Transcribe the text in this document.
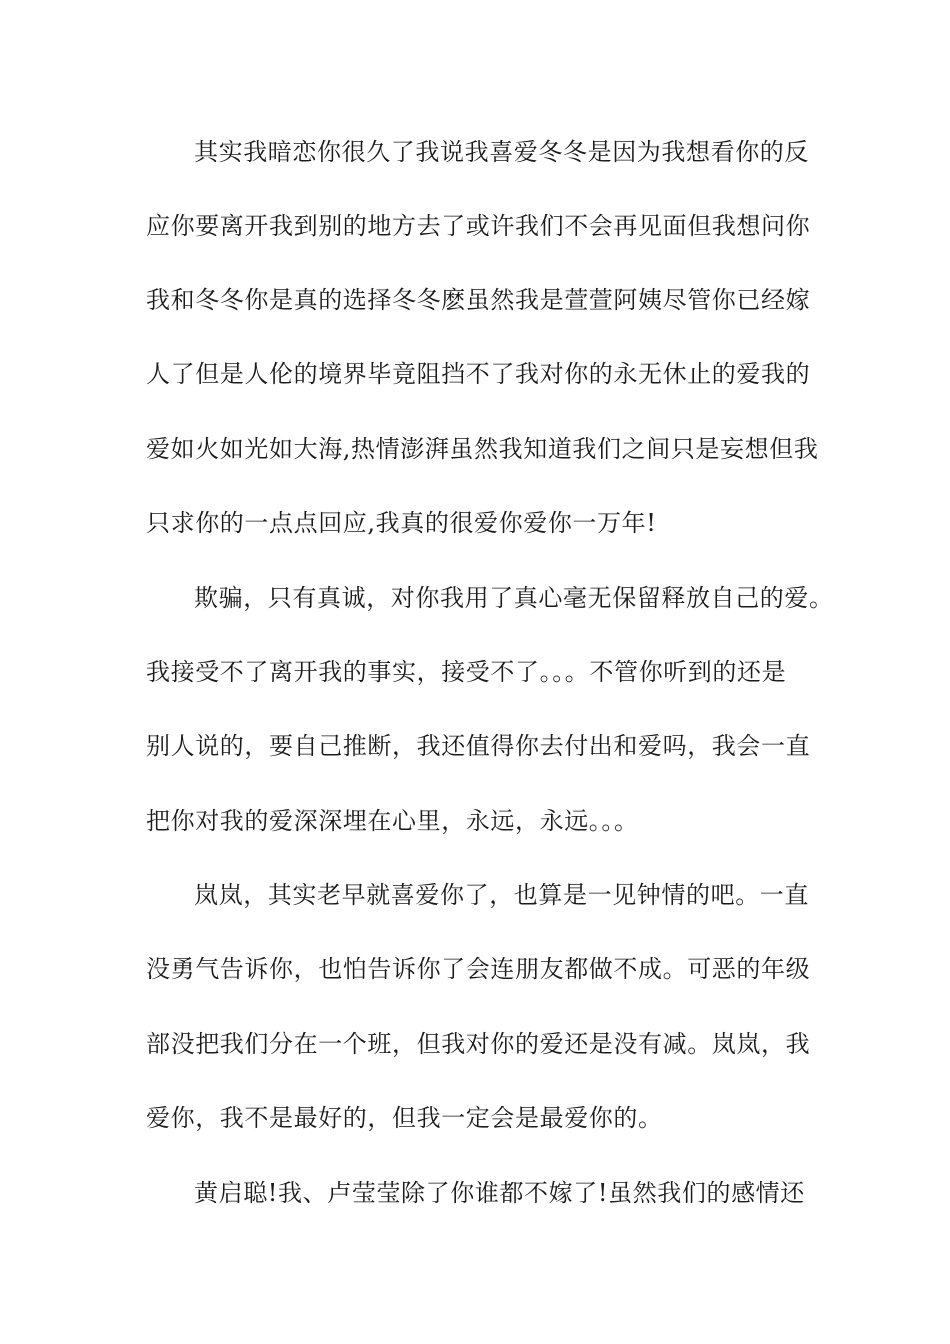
其实我暗恋你很久了我说我喜爱冬冬是因为我想看你的反
应你要离开我到别的地方去了或许我们不会再见面但我想问你
我和冬冬你是真的选择冬冬麽虽然我是萱萱阿姨尽管你已经嫁
人了但是人伦的境界毕竟阻挡不了我对你的永无休止的爱我的
爱如火如光如大海,热情澎湃虽然我知道我们之间只是妄想但我
只求你的一点点回应,我真的很爱你爱你一万年!
欺骗，只有真诚，对你我用了真心毫无保留释放自己的爱。
我接受不了离开我的事实，接受不了。。。不管你听到的还是
别人说的，要自己推断，我还值得你去付出和爱吗，我会一直
把你对我的爱深深埋在心里，永远，永远。。。
岚岚，其实老早就喜爱你了，也算是一见钟情的吧。一直
没勇气告诉你，也怕告诉你了会连朋友都做不成。可恶的年级
部没把我们分在一个班，但我对你的爱还是没有减。岚岚，我
爱你，我不是最好的，但我一定会是最爱你的。
黄启聪!我、卢莹莹除了你谁都不嫁了!虽然我们的感情还
